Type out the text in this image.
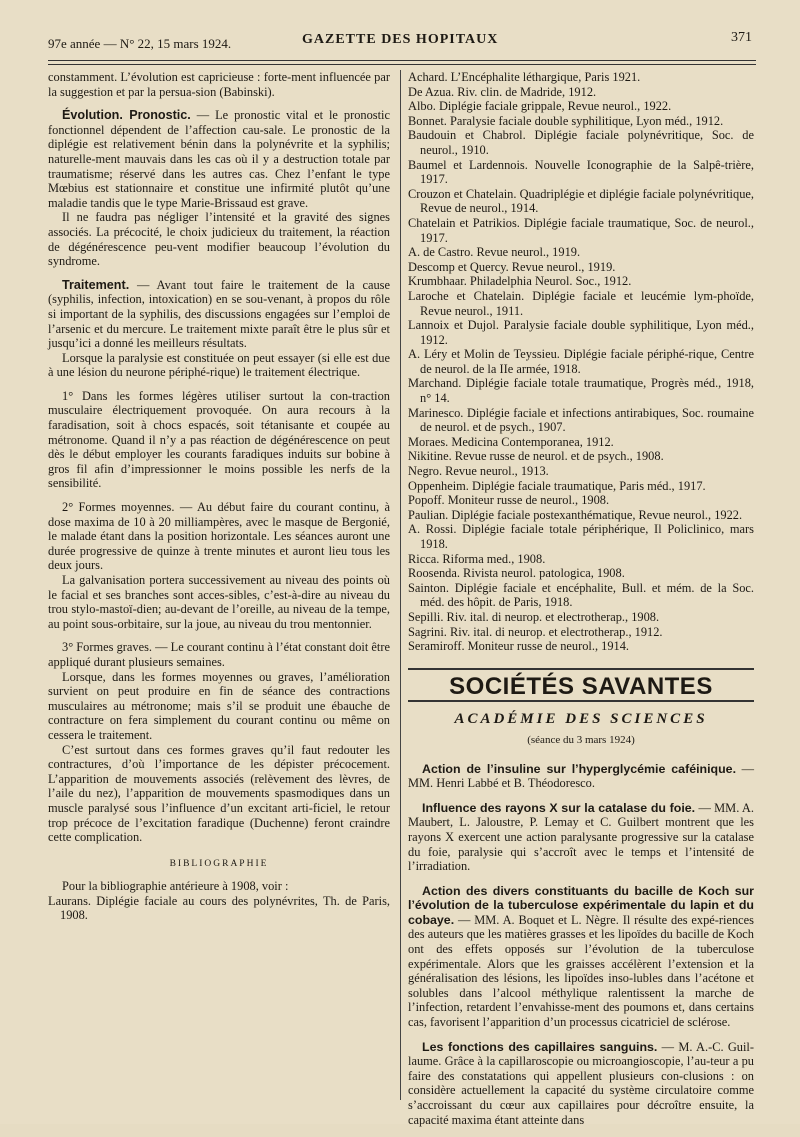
97e année — N° 22, 15 mars 1924.	GAZETTE DES HOPITAUX	371

constamment. L’évolution est capricieuse : forte-ment influencée par la suggestion et par la persua-sion (Babinski).

Évolution. Pronostic. — Le pronostic vital et le pronostic fonctionnel dépendent de l’affection cau-sale. Le pronostic de la diplégie est relativement bénin dans la polynévrite et la syphilis; naturelle-ment mauvais dans les cas où il y a destruction totale par traumatisme; réservé dans les autres cas. Chez l’enfant le type Mœbius est stationnaire et constitue une infirmité plutôt qu’une maladie tandis que le type Marie-Brissaud est grave.

Il ne faudra pas négliger l’intensité et la gravité des signes associés. La précocité, le choix judicieux du traitement, la réaction de dégénérescence peu-vent modifier beaucoup l’évolution du syndrome.

Traitement. — Avant tout faire le traitement de la cause (syphilis, infection, intoxication) en se sou-venant, à propos du rôle si important de la syphilis, des discussions engagées sur l’emploi de l’arsenic et du mercure. Le traitement mixte paraît être le plus sûr et jusqu’ici a donné les meilleurs résultats.

Lorsque la paralysie est constituée on peut essayer (si elle est due à une lésion du neurone périphé-rique) le traitement électrique.

1° Dans les formes légères utiliser surtout la con-traction musculaire électriquement provoquée. On aura recours à la faradisation, soit à chocs espacés, soit tétanisante et coupée au métronome. Quand il n’y a pas réaction de dégénérescence on peut dès le début employer les courants faradiques induits sur bobine à gros fil afin d’impressionner le moins possible les nerfs de la sensibilité.

2° Formes moyennes. — Au début faire du courant continu, à dose maxima de 10 à 20 milliampères, avec le masque de Bergonié, le malade étant dans la position horizontale. Les séances auront une durée progressive de quinze à trente minutes et auront lieu tous les deux jours.

La galvanisation portera successivement au niveau des points où le facial et ses branches sont acces-sibles, c’est-à-dire au niveau du trou stylo-mastoï-dien; au-devant de l’oreille, au niveau de la tempe, au point sous-orbitaire, sur la joue, au niveau du trou mentonnier.

3° Formes graves. — Le courant continu à l’état constant doit être appliqué durant plusieurs semaines.

Lorsque, dans les formes moyennes ou graves, l’amélioration survient on peut produire en fin de séance des contractions musculaires au métronome; mais s’il se produit une ébauche de contracture on fera simplement du courant continu ou même on cessera le traitement.

C’est surtout dans ces formes graves qu’il faut redouter les contractures, d’où l’importance de les dépister précocement. L’apparition de mouvements associés (relèvement des lèvres, de l’aile du nez), l’apparition de mouvements spasmodiques dans un muscle paralysé sous l’influence d’un excitant arti-ficiel, le retour trop précoce de l’excitation faradique (Duchenne) feront craindre cette complication.

BIBLIOGRAPHIE

Pour la bibliographie antérieure à 1908, voir :

Laurans. Diplégie faciale au cours des polynévrites, Th. de Paris, 1908.

Achard. L’Encéphalite léthargique, Paris 1921.

De Azua. Riv. clin. de Madride, 1912.

Albo. Diplégie faciale grippale, Revue neurol., 1922.

Bonnet. Paralysie faciale double syphilitique, Lyon méd., 1912.

Baudouin et Chabrol. Diplégie faciale polynévritique, Soc. de neurol., 1910.

Baumel et Lardennois. Nouvelle Iconographie de la Salpê-trière, 1917.

Crouzon et Chatelain. Quadriplégie et diplégie faciale polynévritique, Revue de neurol., 1914.

Chatelain et Patrikios. Diplégie faciale traumatique, Soc. de neurol., 1917.

A. de Castro. Revue neurol., 1919.

Descomp et Quercy. Revue neurol., 1919.

Krumbhaar. Philadelphia Neurol. Soc., 1912.

Laroche et Chatelain. Diplégie faciale et leucémie lym-phoïde, Revue neurol., 1911.

Lannoix et Dujol. Paralysie faciale double syphilitique, Lyon méd., 1912.

A. Léry et Molin de Teyssieu. Diplégie faciale périphé-rique, Centre de neurol. de la IIe armée, 1918.

Marchand. Diplégie faciale totale traumatique, Progrès méd., 1918, n° 14.

Marinesco. Diplégie faciale et infections antirabiques, Soc. roumaine de neurol. et de psych., 1907.

Moraes. Medicina Contemporanea, 1912.

Nikitine. Revue russe de neurol. et de psych., 1908.

Negro. Revue neurol., 1913.

Oppenheim. Diplégie faciale traumatique, Paris méd., 1917.

Popoff. Moniteur russe de neurol., 1908.

Paulian. Diplégie faciale postexanthématique, Revue neurol., 1922.

A. Rossi. Diplégie faciale totale périphérique, Il Policlinico, mars 1918.

Ricca. Riforma med., 1908.

Roosenda. Rivista neurol. patologica, 1908.

Sainton. Diplégie faciale et encéphalite, Bull. et mém. de la Soc. méd. des hôpit. de Paris, 1918.

Sepilli. Riv. ital. di neurop. et electrotherap., 1908.

Sagrini. Riv. ital. di neurop. et electrotherap., 1912.

Seramiroff. Moniteur russe de neurol., 1914.

SOCIÉTÉS SAVANTES
ACADÉMIE DES SCIENCES
(séance du 3 mars 1924)

Action de l’insuline sur l’hyperglycémie caféinique. — MM. Henri Labbé et B. Théodoresco.

Influence des rayons X sur la catalase du foie. — MM. A. Maubert, L. Jaloustre, P. Lemay et C. Guilbert montrent que les rayons X exercent une action paralysante progressive sur la catalase du foie, paralysie qui s’accroît avec le temps et l’intensité de l’irradiation.

Action des divers constituants du bacille de Koch sur l’évolution de la tuberculose expérimentale du lapin et du cobaye. — MM. A. Boquet et L. Nègre. Il résulte des expé-riences des auteurs que les matières grasses et les lipoïdes du bacille de Koch ont des effets opposés sur l’évolution de la tuberculose expérimentale. Alors que les graisses accélèrent l’extension et la généralisation des lésions, les lipoïdes inso-lubles dans l’acétone et solubles dans l’alcool méthylique ralentissent la marche de l’infection, retardent l’envahisse-ment des poumons et, dans certains cas, favorisent l’apparition d’un processus cicatriciel de sclérose.

Les fonctions des capillaires sanguins. — M. A.-C. Guil-laume. Grâce à la capillaroscopie ou microangioscopie, l’au-teur a pu faire des constatations qui appellent plusieurs con-clusions : on considère actuellement la capacité du système circulatoire comme s’accroissant du cœur aux capillaires pour décroître ensuite, la capacité maxima étant atteinte dans
